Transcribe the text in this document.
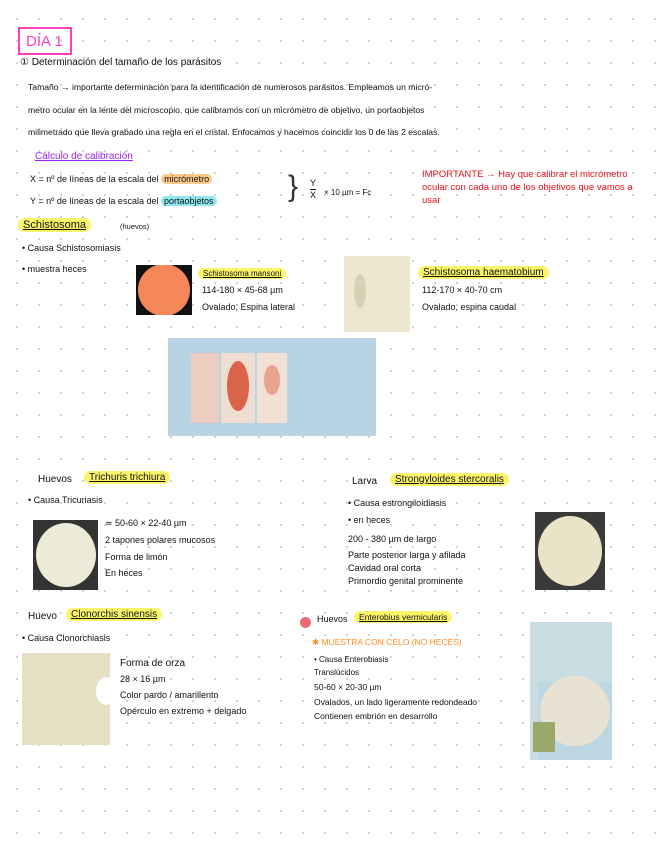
DÍA 1
① Determinación del tamaño de los parásitos
Tamaño → importante determinación para la identificación de numerosos parásitos. Empleamos un micró-
metro ocular en la lente del microscopio, que calibramos con un micrómetro de objetivo, un portaobjetos
milimetrado que lleva grabado una regla en el cristal. Enfocamos y hacemos coincidir los 0 de las 2 escalas.
Cálculo de calibración
X = nº de líneas de la escala del micrómetro
Y = nº de líneas de la escala del portaobjetos } $\frac{Y}{X} \times 10$ µm = Fc
IMPORTANTE → Hay que calibrar el micrómetro ocular con cada uno de los objetivos que vamos a usar
Schistosoma	(huevos)
• Causa Schistosomiasis
• muestra heces	Schistosoma mansoni
114-180 × 45-68 µm
Ovalado, Espina lateral
Schistosoma haematobium
112-170 × 40-70 cm
Ovalado, espina caudal
Huevos	Trichuris trichiura
• Causa Tricuriasis
≃ 50-60 × 22-40 µm
2 tapones polares mucosos
Forma de limón
En heces
Larva	Strongyloides stercoralis
• Causa estrongiloidiasis
• en heces
200 - 380 µm de largo
Parte posterior larga y afilada
Cavidad oral corta
Primordio genital prominente
Huevo	Clonorchis sinensis
• Causa Clonorchiasis
Forma de orza
28 × 16 µm
Color pardo / amarillento
Opérculo en extremo + delgado
Huevos	Enterobius vermicularis
✱ MUESTRA CON CELO (NO HECES)
• Causa Enterobiasis
Translúcidos
50-60 × 20-30 µm
Ovalados, un lado ligeramente redondeado
Contienen embrión en desarrollo
